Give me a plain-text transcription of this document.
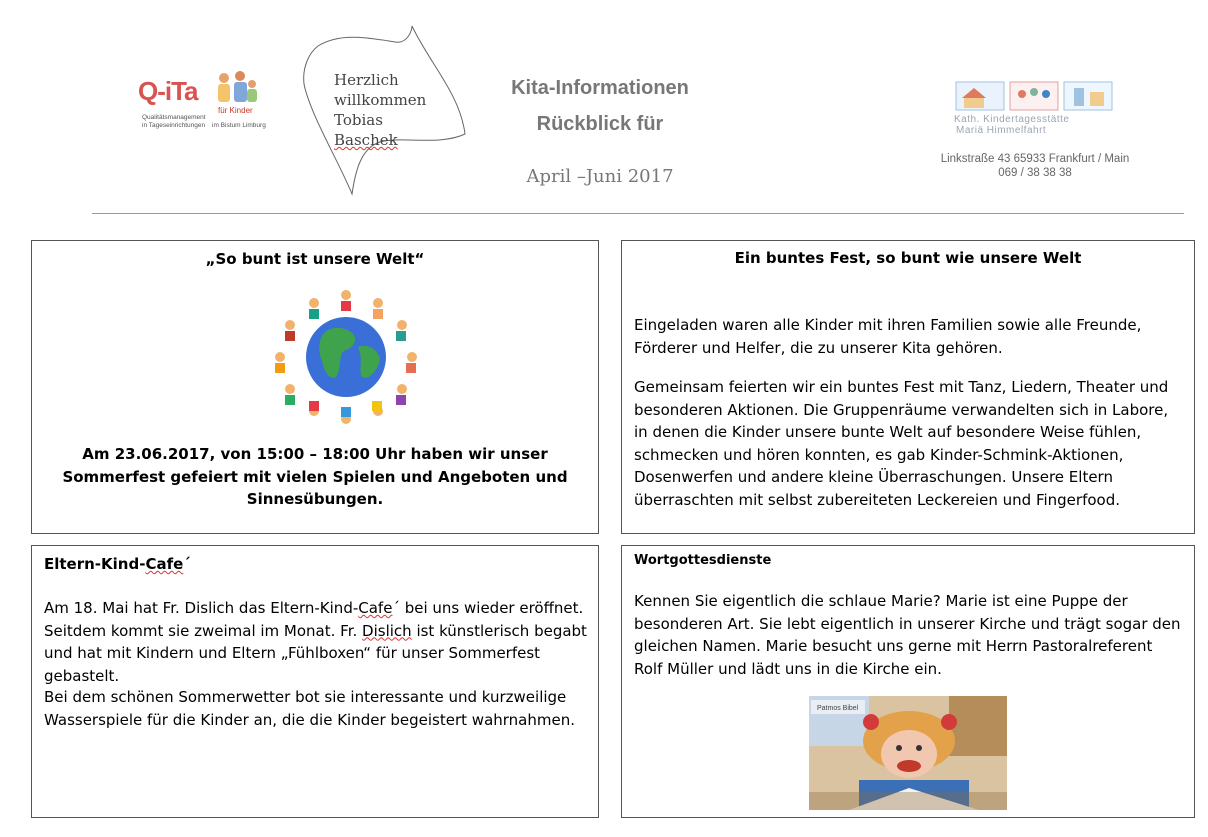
Q-iTa
für Kinder
Qualitätsmanagement in Tageseinrichtungen im Bistum Limburg
Herzlich
willkommen
Tobias
Baschek
Kita-Informationen
Rückblick für
April –Juni 2017
Kath. Kindertagesstätte
Mariä Himmelfahrt
Linkstraße 43 65933 Frankfurt / Main
069 / 38 38 38
„So bunt ist unsere Welt“
Am 23.06.2017, von 15:00 – 18:00 Uhr haben wir unser Sommerfest gefeiert mit vielen Spielen und Angeboten und Sinnesübungen.
Ein buntes Fest, so bunt wie unsere Welt
Eingeladen waren alle Kinder mit ihren Familien sowie alle Freunde, Förderer und Helfer, die zu unserer Kita gehören.
Gemeinsam feierten wir ein buntes Fest mit Tanz, Liedern, Theater und besonderen Aktionen. Die Gruppenräume verwandelten sich in Labore, in denen die Kinder unsere bunte Welt auf besondere Weise fühlen, schmecken und hören konnten, es gab Kinder-Schmink-Aktionen, Dosenwerfen und andere kleine Überraschungen. Unsere Eltern überraschten mit selbst zubereiteten Leckereien und Fingerfood.
Eltern-Kind-Cafe´
Am 18. Mai hat Fr. Dislich das Eltern-Kind-Cafe´ bei uns wieder eröffnet. Seitdem kommt sie zweimal im Monat. Fr. Dislich ist künstlerisch begabt und hat mit Kindern und Eltern „Fühlboxen“ für unser Sommerfest gebastelt.
Bei dem schönen Sommerwetter bot sie interessante und kurzweilige Wasserspiele für die Kinder an, die die Kinder begeistert wahrnahmen.
Wortgottesdienste
Kennen Sie eigentlich die schlaue Marie? Marie ist eine Puppe der besonderen Art. Sie lebt eigentlich in unserer Kirche und trägt sogar den gleichen Namen. Marie besucht uns gerne mit Herrn Pastoralreferent Rolf Müller und lädt uns in die Kirche ein.
Patmos Bibel
